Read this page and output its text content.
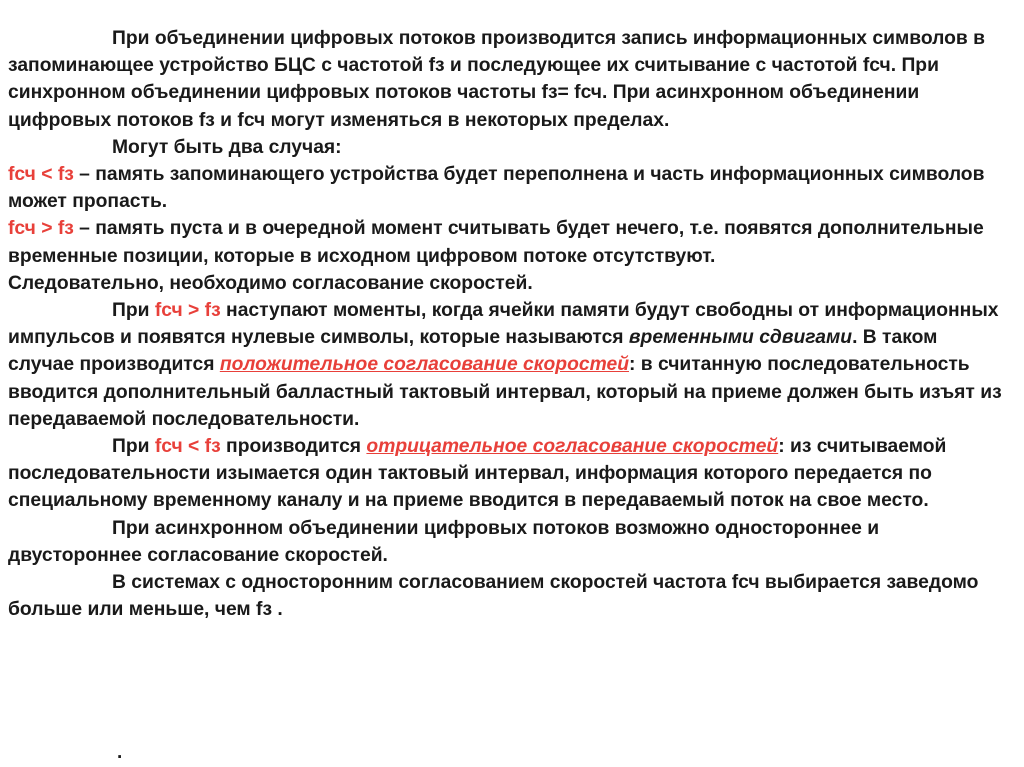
При объединении цифровых потоков производится запись информационных символов в запоминающее устройство БЦС с частотой fз и последующее их считывание с частотой fсч. При синхронном объединении цифровых потоков частоты fз= fсч. При асинхронном объединении цифровых потоков fз и fсч могут изменяться в некоторых пределах.

Могут быть два случая:

fсч < fз – память запоминающего устройства будет переполнена и часть информационных символов может пропасть.

fсч > fз – память пуста и в очередной момент считывать будет нечего, т.е. появятся дополнительные временные позиции, которые в исходном цифровом потоке отсутствуют.

Следовательно, необходимо согласование скоростей.

При fсч > fз наступают моменты, когда ячейки памяти будут свободны от информационных импульсов и появятся нулевые символы, которые называются временными сдвигами. В таком случае производится положительное согласование скоростей: в считанную последовательность вводится дополнительный балластный тактовый интервал, который на приеме должен быть изъят из передаваемой последовательности.

При fсч < fз производится отрицательное согласование скоростей: из считываемой последовательности изымается один тактовый интервал, информация которого передается по специальному временному каналу и на приеме вводится в передаваемый поток на свое место.

При асинхронном объединении цифровых потоков возможно одностороннее и двустороннее согласование скоростей.

В системах с односторонним согласованием скоростей частота fсч выбирается заведомо больше или меньше, чем fз .

.
